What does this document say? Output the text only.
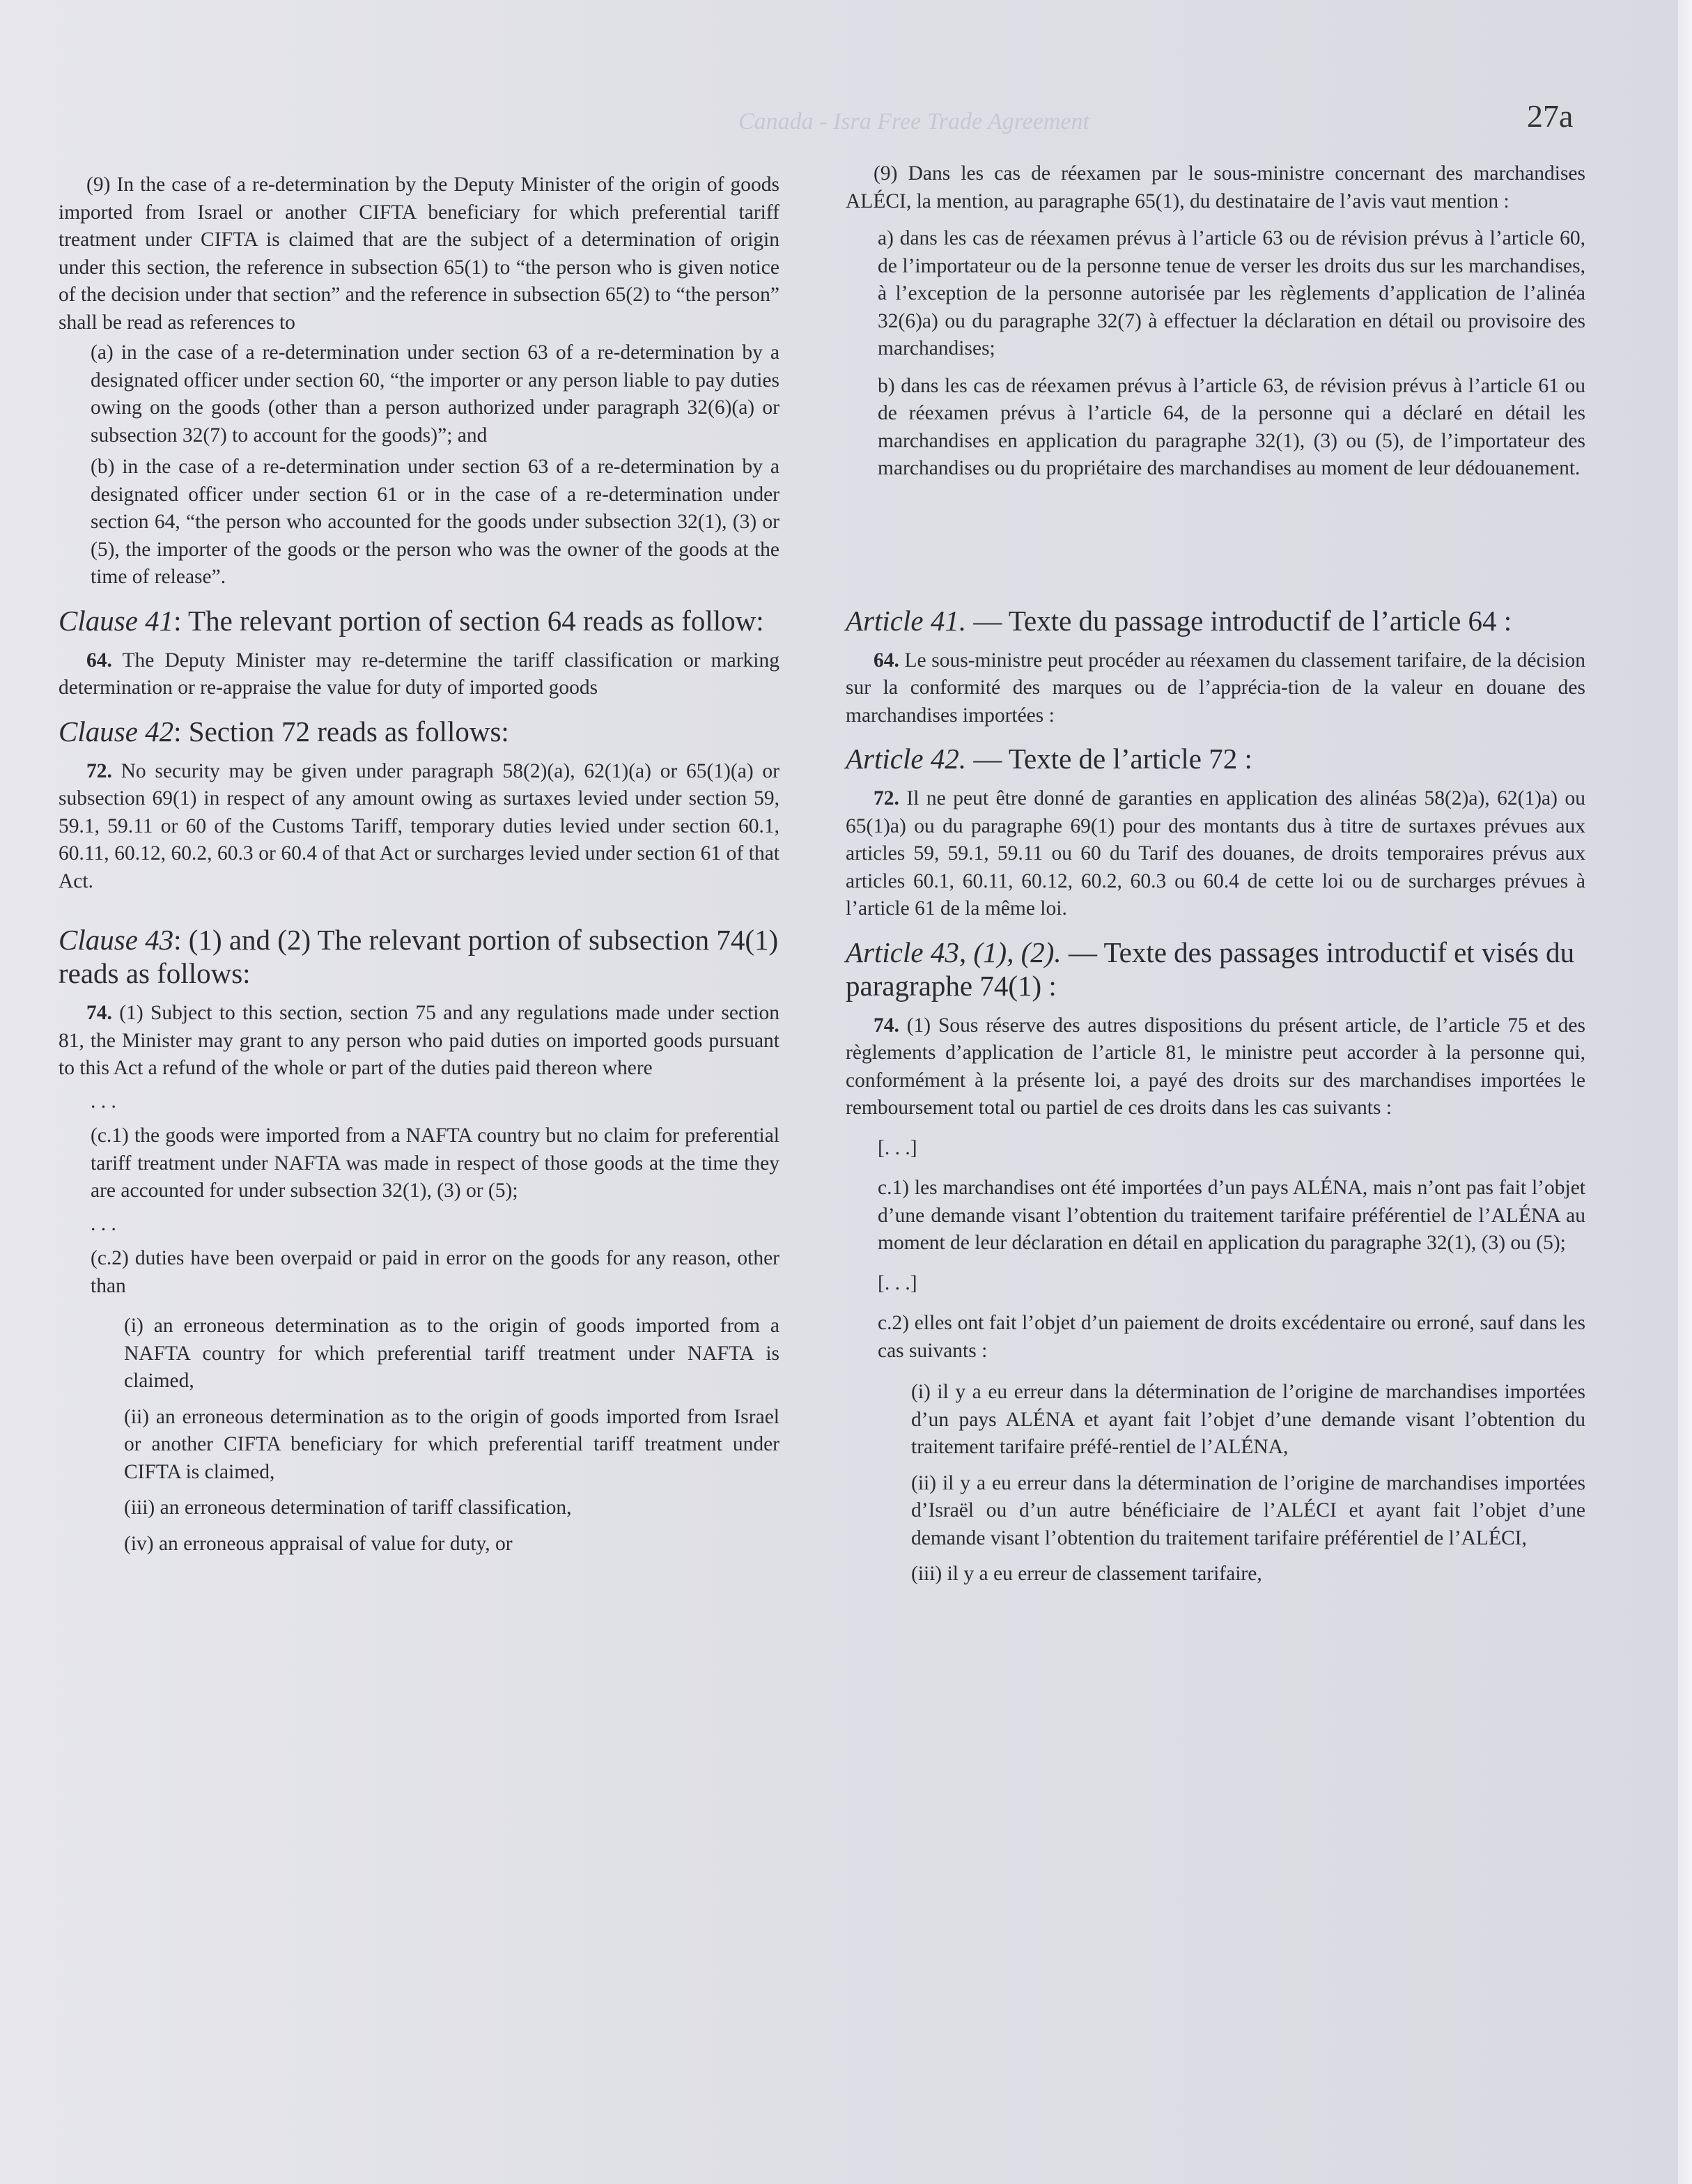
Canada - Isra Free Trade Agreement	27a

(9) In the case of a re-determination by the Deputy Minister of the origin of goods imported from Israel or another CIFTA beneficiary for which preferential tariff treatment under CIFTA is claimed that are the subject of a determination of origin under this section, the reference in subsection 65(1) to “the person who is given notice of the decision under that section” and the reference in subsection 65(2) to “the person” shall be read as references to

(a) in the case of a re-determination under section 63 of a re-determination by a designated officer under section 60, “the importer or any person liable to pay duties owing on the goods (other than a person authorized under paragraph 32(6)(a) or subsection 32(7) to account for the goods)”; and

(b) in the case of a re-determination under section 63 of a re-determination by a designated officer under section 61 or in the case of a re-determination under section 64, “the person who accounted for the goods under subsection 32(1), (3) or (5), the importer of the goods or the person who was the owner of the goods at the time of release”.

Clause 41: The relevant portion of section 64 reads as follow:

64. The Deputy Minister may re-determine the tariff classification or marking determination or re-appraise the value for duty of imported goods

Clause 42: Section 72 reads as follows:

72. No security may be given under paragraph 58(2)(a), 62(1)(a) or 65(1)(a) or subsection 69(1) in respect of any amount owing as surtaxes levied under section 59, 59.1, 59.11 or 60 of the Customs Tariff, temporary duties levied under section 60.1, 60.11, 60.12, 60.2, 60.3 or 60.4 of that Act or surcharges levied under section 61 of that Act.

Clause 43: (1) and (2) The relevant portion of subsection 74(1) reads as follows:

74. (1) Subject to this section, section 75 and any regulations made under section 81, the Minister may grant to any person who paid duties on imported goods pursuant to this Act a refund of the whole or part of the duties paid thereon where

. . .

(c.1) the goods were imported from a NAFTA country but no claim for preferential tariff treatment under NAFTA was made in respect of those goods at the time they are accounted for under subsection 32(1), (3) or (5);

. . .

(c.2) duties have been overpaid or paid in error on the goods for any reason, other than

(i) an erroneous determination as to the origin of goods imported from a NAFTA country for which preferential tariff treatment under NAFTA is claimed,

(ii) an erroneous determination as to the origin of goods imported from Israel or another CIFTA beneficiary for which preferential tariff treatment under CIFTA is claimed,

(iii) an erroneous determination of tariff classification,

(iv) an erroneous appraisal of value for duty, or

(9) Dans les cas de réexamen par le sous-ministre concernant des marchandises ALÉCI, la mention, au paragraphe 65(1), du destinataire de l’avis vaut mention :

a) dans les cas de réexamen prévus à l’article 63 ou de révision prévus à l’article 60, de l’importateur ou de la personne tenue de verser les droits dus sur les marchandises, à l’exception de la personne autorisée par les règlements d’application de l’alinéa 32(6)a) ou du paragraphe 32(7) à effectuer la déclaration en détail ou provisoire des marchandises;

b) dans les cas de réexamen prévus à l’article 63, de révision prévus à l’article 61 ou de réexamen prévus à l’article 64, de la personne qui a déclaré en détail les marchandises en application du paragraphe 32(1), (3) ou (5), de l’importateur des marchandises ou du propriétaire des marchandises au moment de leur dédouanement.

Article 41. — Texte du passage introductif de l’article 64 :

64. Le sous-ministre peut procéder au réexamen du classement tarifaire, de la décision sur la conformité des marques ou de l’apprécia-tion de la valeur en douane des marchandises importées :

Article 42. — Texte de l’article 72 :

72. Il ne peut être donné de garanties en application des alinéas 58(2)a), 62(1)a) ou 65(1)a) ou du paragraphe 69(1) pour des montants dus à titre de surtaxes prévues aux articles 59, 59.1, 59.11 ou 60 du Tarif des douanes, de droits temporaires prévus aux articles 60.1, 60.11, 60.12, 60.2, 60.3 ou 60.4 de cette loi ou de surcharges prévues à l’article 61 de la même loi.

Article 43, (1), (2). — Texte des passages introductif et visés du paragraphe 74(1) :

74. (1) Sous réserve des autres dispositions du présent article, de l’article 75 et des règlements d’application de l’article 81, le ministre peut accorder à la personne qui, conformément à la présente loi, a payé des droits sur des marchandises importées le remboursement total ou partiel de ces droits dans les cas suivants :

[. . .]

c.1) les marchandises ont été importées d’un pays ALÉNA, mais n’ont pas fait l’objet d’une demande visant l’obtention du traitement tarifaire préférentiel de l’ALÉNA au moment de leur déclaration en détail en application du paragraphe 32(1), (3) ou (5);

[. . .]

c.2) elles ont fait l’objet d’un paiement de droits excédentaire ou erroné, sauf dans les cas suivants :

(i) il y a eu erreur dans la détermination de l’origine de marchandises importées d’un pays ALÉNA et ayant fait l’objet d’une demande visant l’obtention du traitement tarifaire préfé-rentiel de l’ALÉNA,

(ii) il y a eu erreur dans la détermination de l’origine de marchandises importées d’Israël ou d’un autre bénéficiaire de l’ALÉCI et ayant fait l’objet d’une demande visant l’obtention du traitement tarifaire préférentiel de l’ALÉCI,

(iii) il y a eu erreur de classement tarifaire,
